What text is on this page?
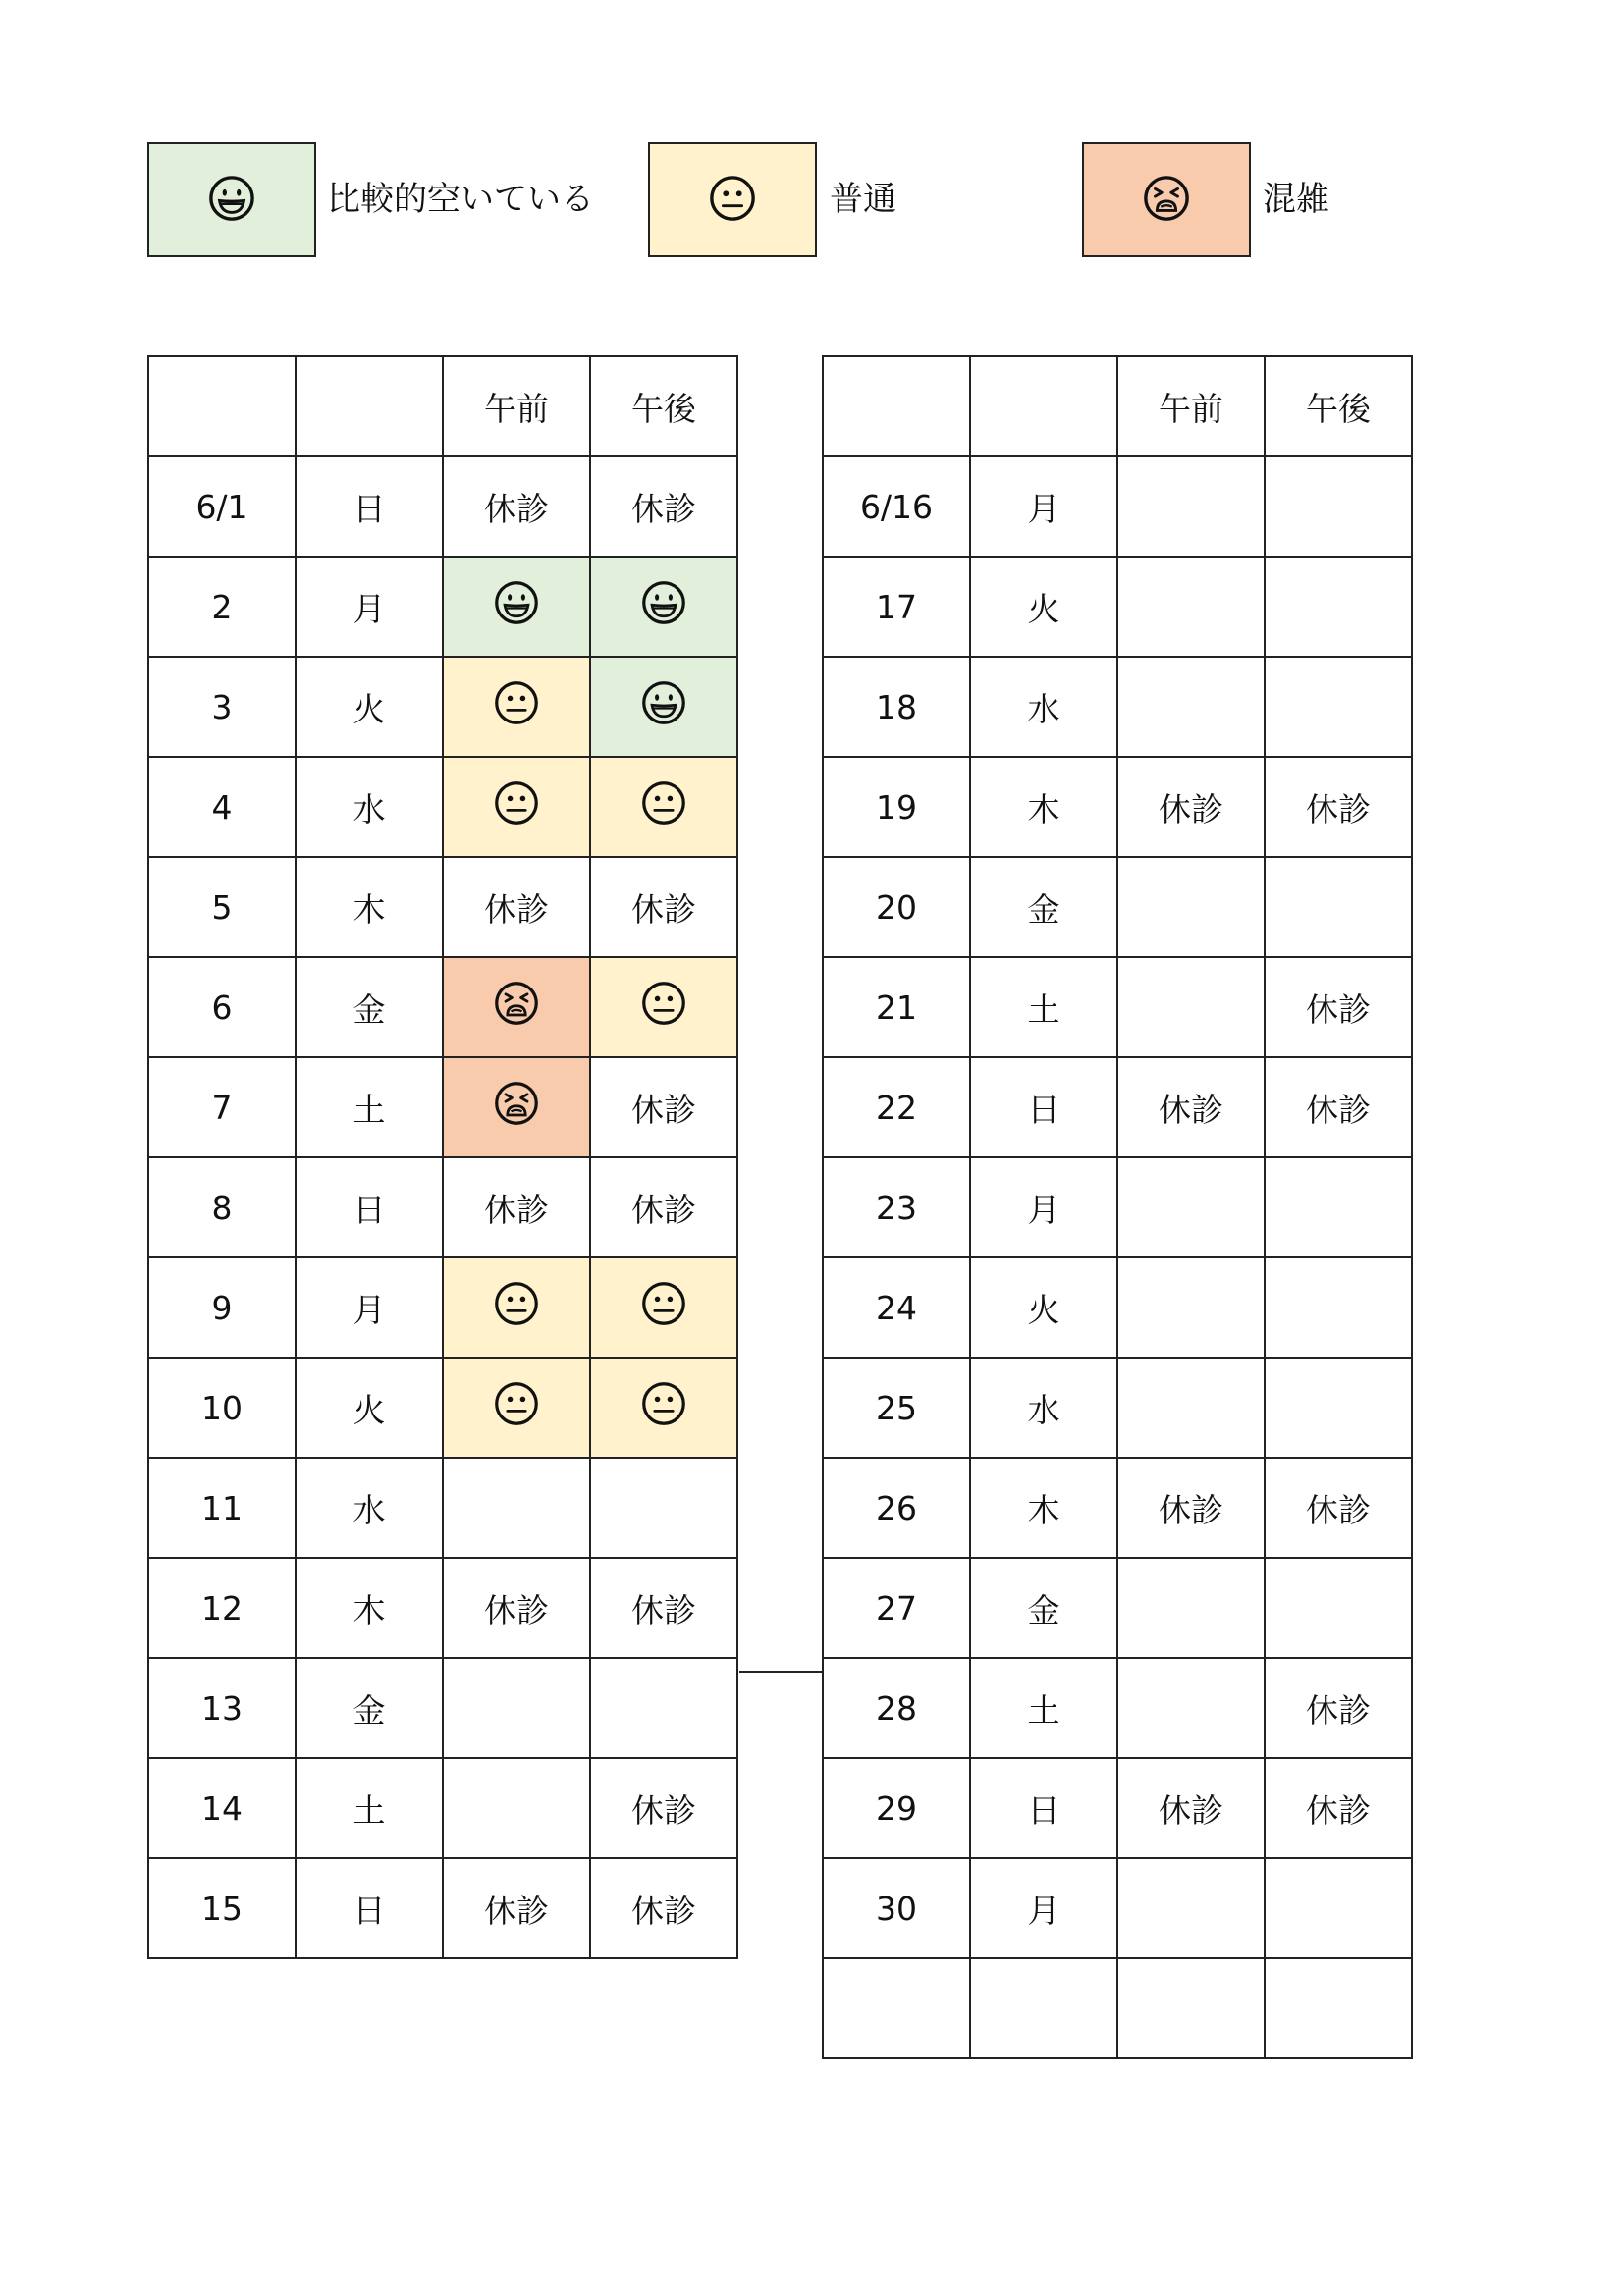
比較的空いている	普通	混雑
		午前	午後
6/1	日	休診	休診
2	月		
3	火		
4	水		
5	木	休診	休診
6	金		
7	土		休診
8	日	休診	休診
9	月		
10	火		
11	水		
12	木	休診	休診
13	金		
14	土		休診
15	日	休診	休診
		午前	午後
6/16	月		
17	火		
18	水		
19	木	休診	休診
20	金		
21	土		休診
22	日	休診	休診
23	月		
24	火		
25	水		
26	木	休診	休診
27	金		
28	土		休診
29	日	休診	休診
30	月		
